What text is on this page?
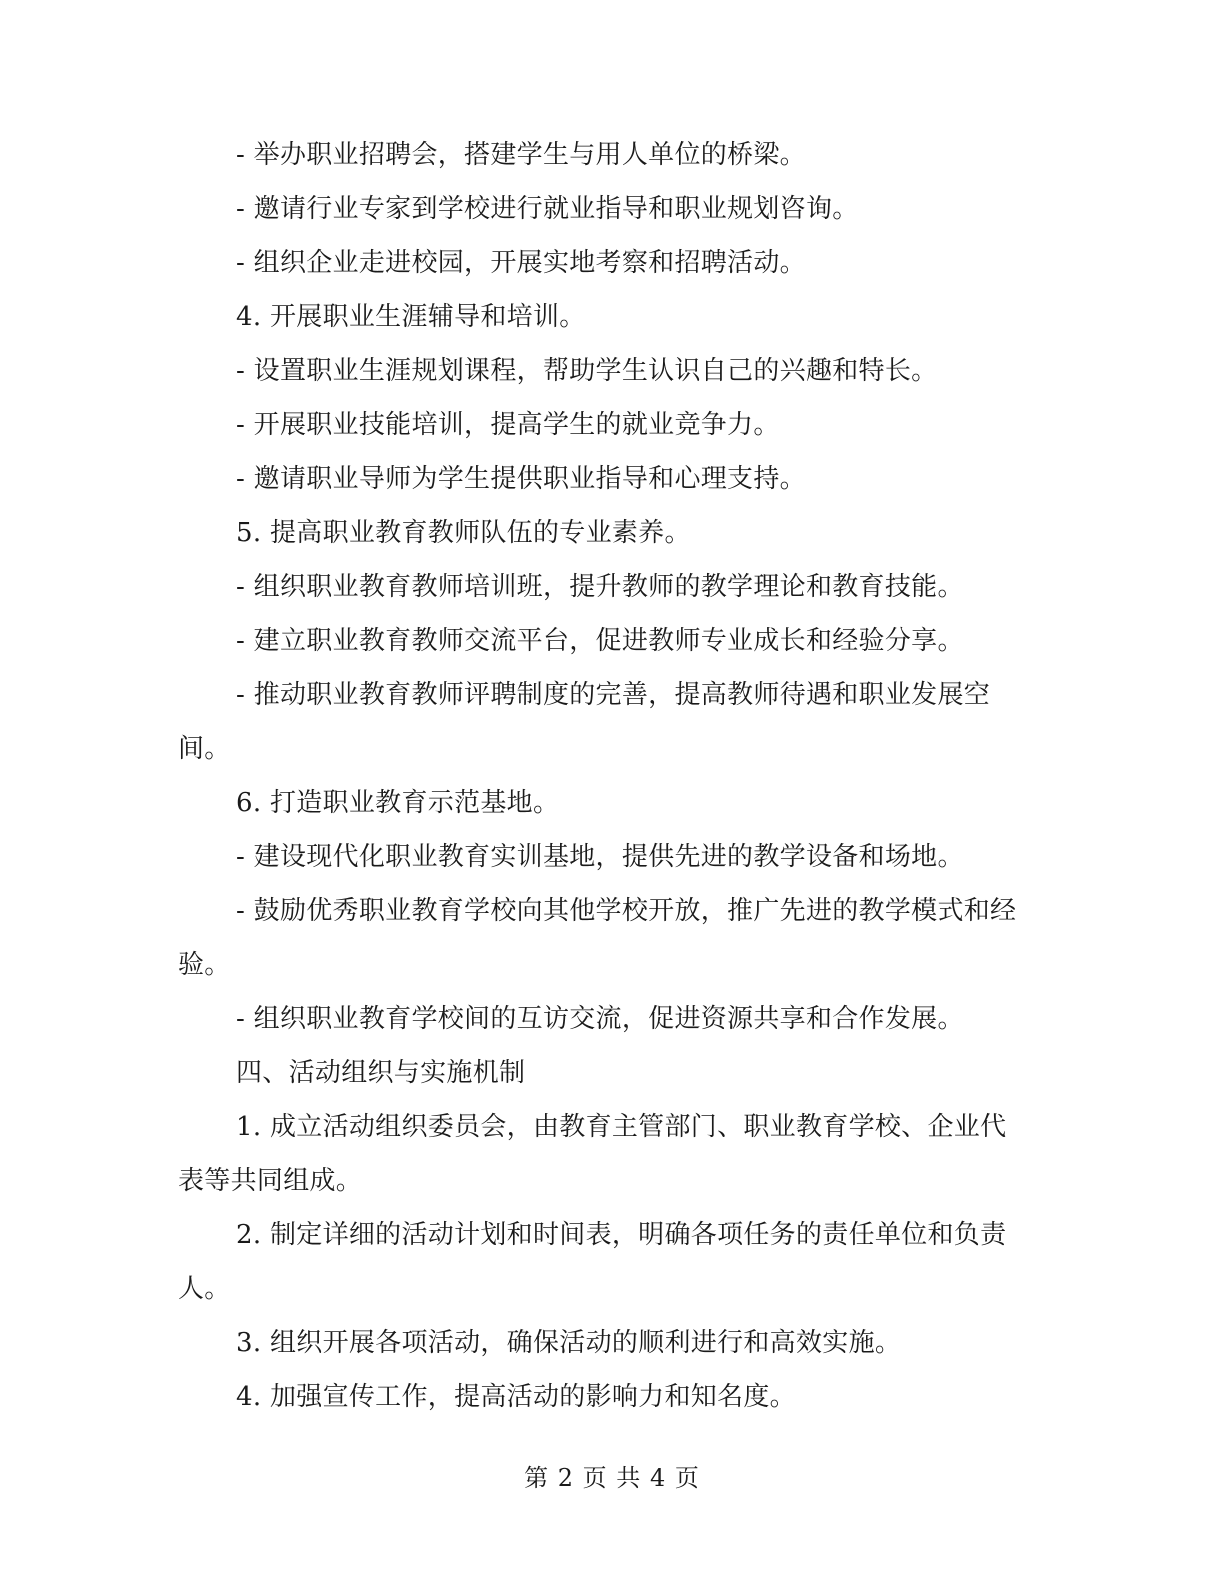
- 举办职业招聘会，搭建学生与用人单位的桥梁。

- 邀请行业专家到学校进行就业指导和职业规划咨询。

- 组织企业走进校园，开展实地考察和招聘活动。

4. 开展职业生涯辅导和培训。

- 设置职业生涯规划课程，帮助学生认识自己的兴趣和特长。

- 开展职业技能培训，提高学生的就业竞争力。

- 邀请职业导师为学生提供职业指导和心理支持。

5. 提高职业教育教师队伍的专业素养。

- 组织职业教育教师培训班，提升教师的教学理论和教育技能。

- 建立职业教育教师交流平台，促进教师专业成长和经验分享。

- 推动职业教育教师评聘制度的完善，提高教师待遇和职业发展空间。

6. 打造职业教育示范基地。

- 建设现代化职业教育实训基地，提供先进的教学设备和场地。

- 鼓励优秀职业教育学校向其他学校开放，推广先进的教学模式和经验。

- 组织职业教育学校间的互访交流，促进资源共享和合作发展。

四、活动组织与实施机制

1. 成立活动组织委员会，由教育主管部门、职业教育学校、企业代表等共同组成。

2. 制定详细的活动计划和时间表，明确各项任务的责任单位和负责人。

3. 组织开展各项活动，确保活动的顺利进行和高效实施。

4. 加强宣传工作，提高活动的影响力和知名度。

第 2 页 共 4 页
